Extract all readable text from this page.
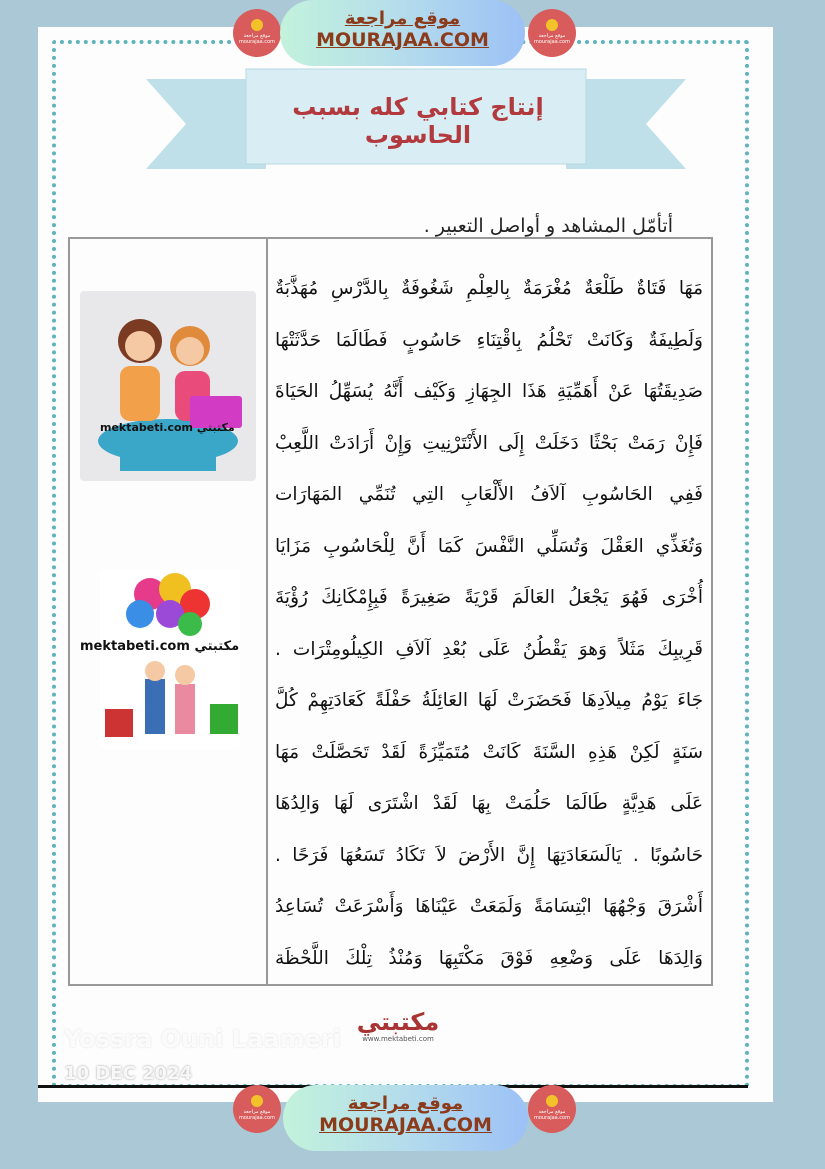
إنتاج كتابي كله بسبب الحاسوب
أتأمّل المشاهد و أواصل التعبير .
mektabeti.com مكتبتي
mektabeti.com مكتبتي
مَهَا فَتَاةٌ طَلْعَةٌ مُغْرَمَةٌ بِالعِلْمِ شَغُوفَةٌ بِالدَّرْسِ مُهَذَّبَةٌ
وَلَطِيفَةٌ وَكَانَتْ تَحْلُمُ بِاقْتِنَاءِ حَاسُوبٍ فَطَالَمَا حَدَّثَتْهَا
صَدِيقَتُهَا عَنْ أَهَمِّيَةِ هَذَا الجِهَازِ وَكَيْف أَنَّهُ يُسَهِّلُ الحَيَاةَ
فَإِنْ رَمَتْ بَحْثًا دَخَلَتْ إِلَى الأَنْتَرْنِيتِ وَإِنْ أَرَادَتْ اللَّعِبْ
فَفِي الحَاسُوبِ آلاَفُ الأَلْعَابِ التِي تُنَمِّي المَهَارَات
وَتُغَذِّي العَقْلَ وَتُسَلِّي النَّفْسَ كَمَا أَنَّ لِلْحَاسُوبِ مَزَايَا
أُخْرَى فَهُوَ يَجْعَلُ العَالَمَ قَرْيَةً صَغِيرَةً فَبِإِمْكَانِكَ رُؤْيَةَ
قَرِيبِكَ مَثَلاً وَهوَ يَقْطُنُ عَلَى بُعْدِ آلاَفِ الكِيلُومِتْرَات .
جَاءَ يَوْمُ مِيلاَدِهَا فَحَضَرَتْ لَهَا العَائِلَةُ حَفْلَةً كَعَادَتِهِمْ كُلَّ
سَنَةٍ لَكِنْ هَذِهِ السَّنَةَ كَانَتْ مُتَمَيِّزَةً لَقَدْ تَحَصَّلَتْ مَهَا
عَلَى هَدِيَّةٍ طَالَمَا حَلُمَتْ بِهَا لَقَدْ اشْتَرَى لَهَا وَالِدُهَا
حَاسُوبًا . يَالَسَعَادَتِهَا إِنَّ الأَرْضَ لاَ تَكَادُ تَسَعُهَا فَرَحًا .
أَشْرَقَ وَجْهُهَا ابْتِسَامَةً وَلَمَعَتْ عَيْنَاهَا وَأَسْرَعَتْ تُسَاعِدُ
وَالِدَهَا عَلَى وَضْعِهِ فَوْقَ مَكْتَبِهَا وَمُنْذُ تِلْكَ اللَّحْظَة
مكتبتي
www.mektabeti.com
Yossra Ouni Laameri
10 DEC 2024
موقع مراجعة mourajaa.com
موقع مراجعة
MOURAJAA.COM	موقع مراجعة mourajaa.com
موقع مراجعة mourajaa.com
موقع مراجعة
MOURAJAA.COM
موقع مراجعة mourajaa.com
